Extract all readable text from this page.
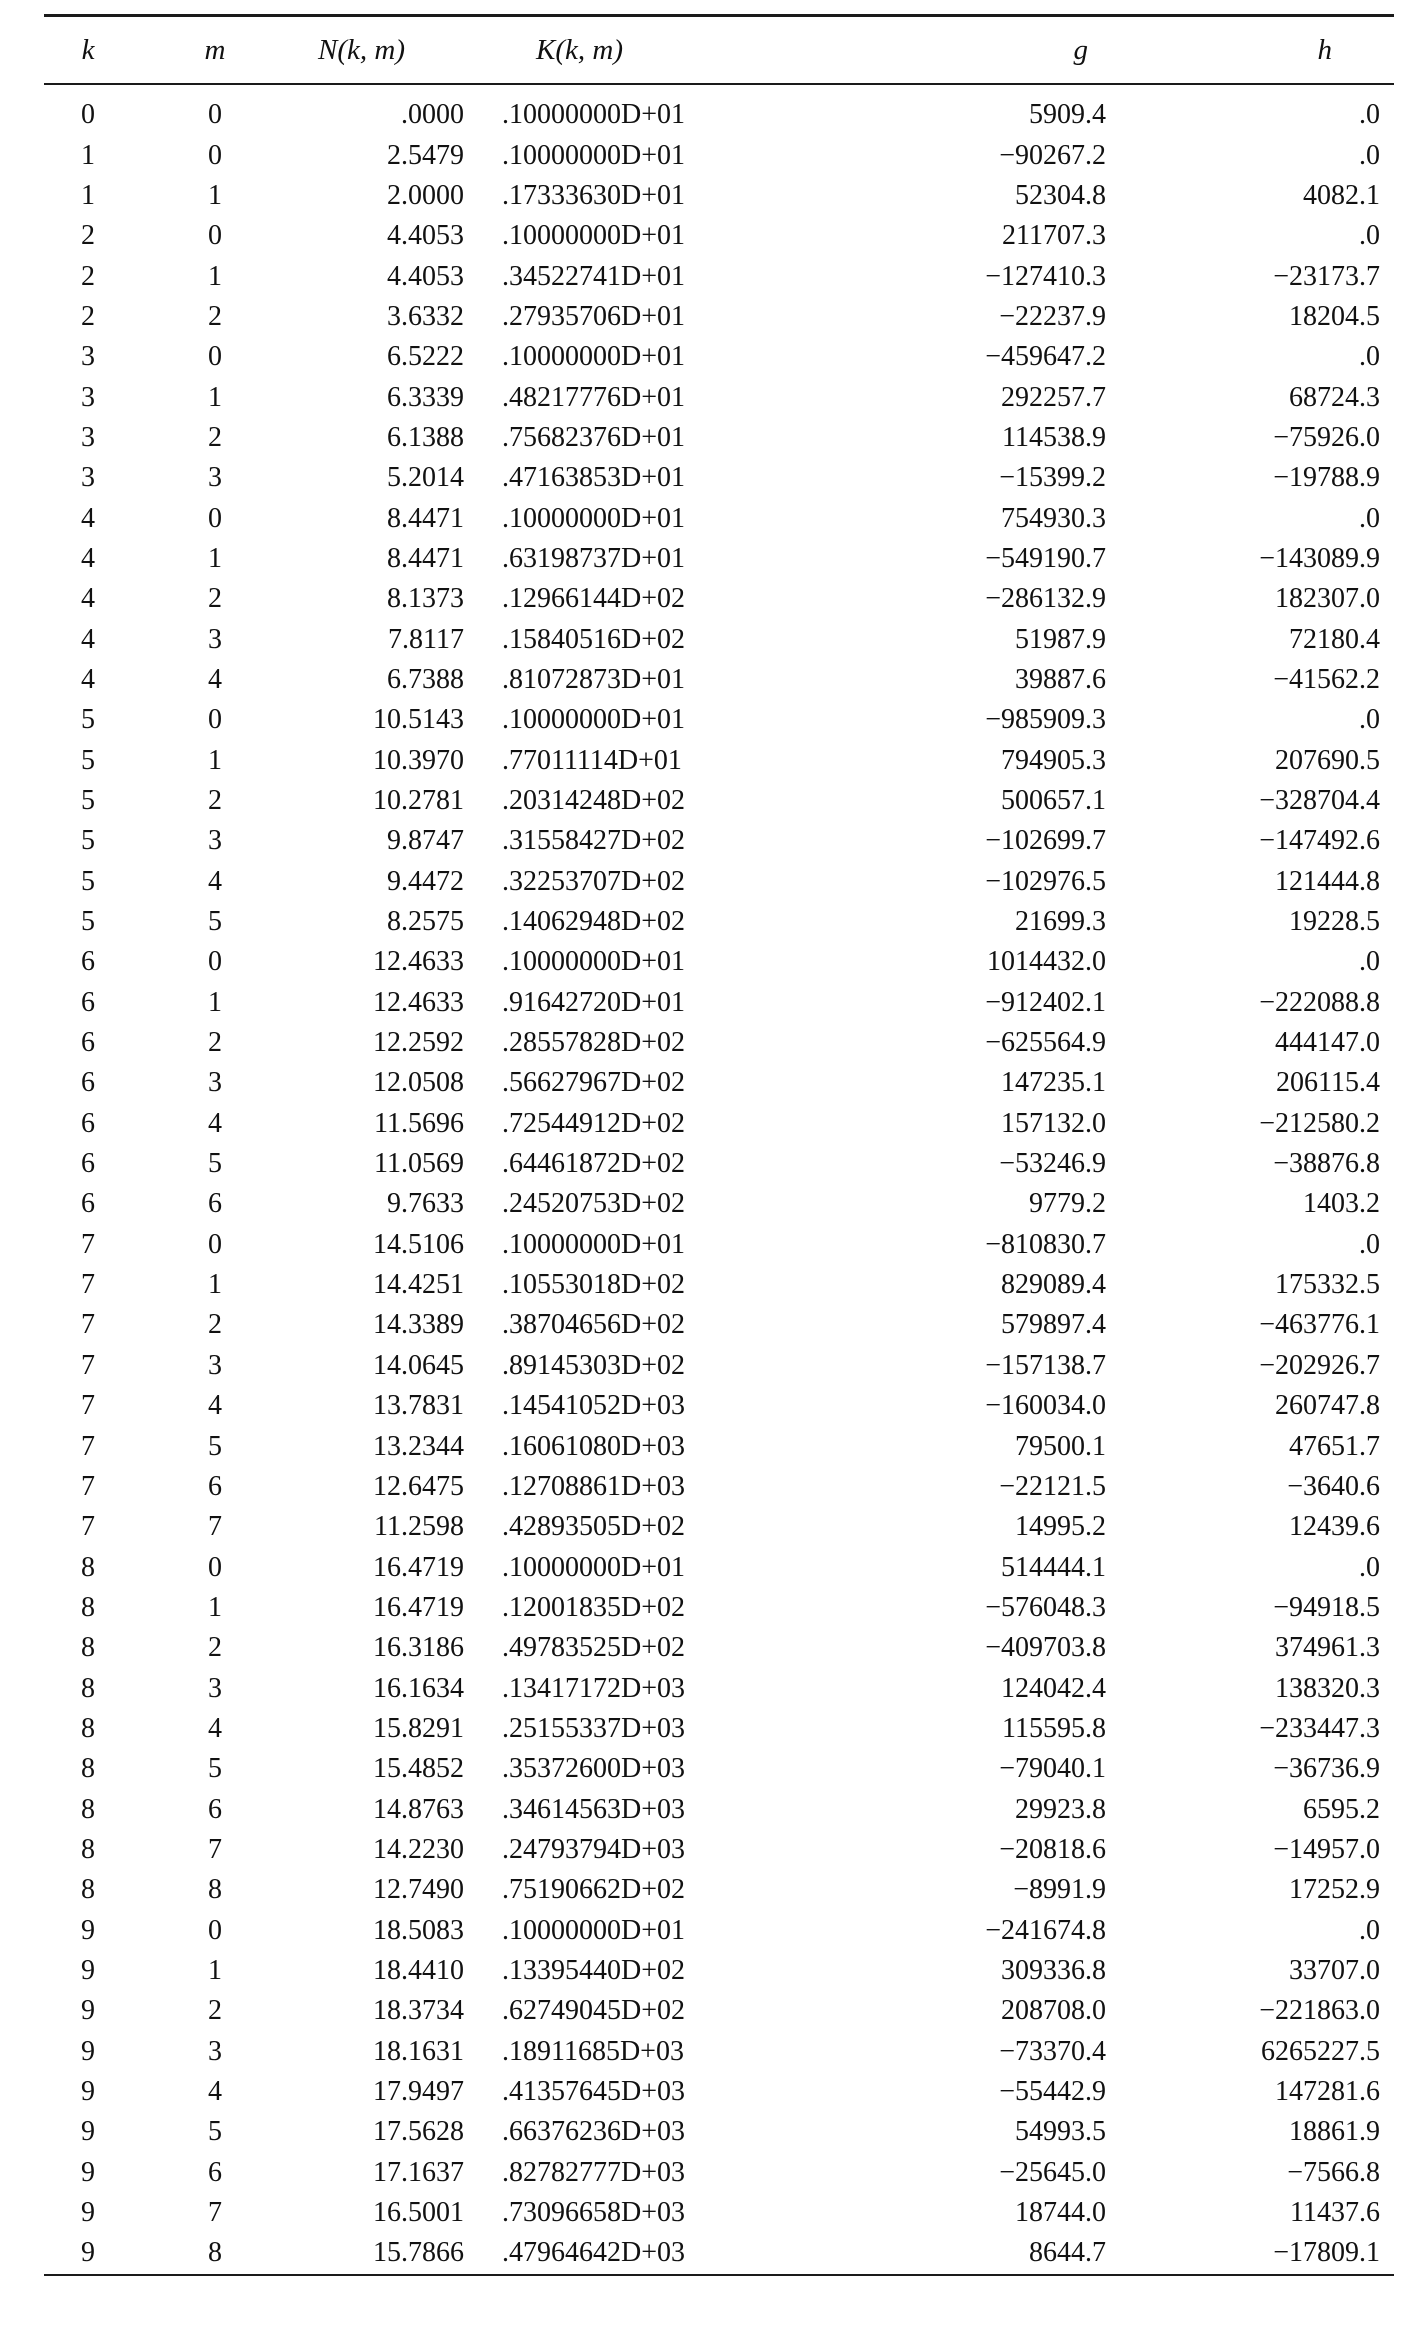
k	m	N(k, m)	K(k, m)	g	h
0	0	.0000	.10000000D+01	5909.4	.0
1	0	2.5479	.10000000D+01	−90267.2	.0
1	1	2.0000	.17333630D+01	52304.8	4082.1
2	0	4.4053	.10000000D+01	211707.3	.0
2	1	4.4053	.34522741D+01	−127410.3	−23173.7
2	2	3.6332	.27935706D+01	−22237.9	18204.5
3	0	6.5222	.10000000D+01	−459647.2	.0
3	1	6.3339	.48217776D+01	292257.7	68724.3
3	2	6.1388	.75682376D+01	114538.9	−75926.0
3	3	5.2014	.47163853D+01	−15399.2	−19788.9
4	0	8.4471	.10000000D+01	754930.3	.0
4	1	8.4471	.63198737D+01	−549190.7	−143089.9
4	2	8.1373	.12966144D+02	−286132.9	182307.0
4	3	7.8117	.15840516D+02	51987.9	72180.4
4	4	6.7388	.81072873D+01	39887.6	−41562.2
5	0	10.5143	.10000000D+01	−985909.3	.0
5	1	10.3970	.77011114D+01	794905.3	207690.5
5	2	10.2781	.20314248D+02	500657.1	−328704.4
5	3	9.8747	.31558427D+02	−102699.7	−147492.6
5	4	9.4472	.32253707D+02	−102976.5	121444.8
5	5	8.2575	.14062948D+02	21699.3	19228.5
6	0	12.4633	.10000000D+01	1014432.0	.0
6	1	12.4633	.91642720D+01	−912402.1	−222088.8
6	2	12.2592	.28557828D+02	−625564.9	444147.0
6	3	12.0508	.56627967D+02	147235.1	206115.4
6	4	11.5696	.72544912D+02	157132.0	−212580.2
6	5	11.0569	.64461872D+02	−53246.9	−38876.8
6	6	9.7633	.24520753D+02	9779.2	1403.2
7	0	14.5106	.10000000D+01	−810830.7	.0
7	1	14.4251	.10553018D+02	829089.4	175332.5
7	2	14.3389	.38704656D+02	579897.4	−463776.1
7	3	14.0645	.89145303D+02	−157138.7	−202926.7
7	4	13.7831	.14541052D+03	−160034.0	260747.8
7	5	13.2344	.16061080D+03	79500.1	47651.7
7	6	12.6475	.12708861D+03	−22121.5	−3640.6
7	7	11.2598	.42893505D+02	14995.2	12439.6
8	0	16.4719	.10000000D+01	514444.1	.0
8	1	16.4719	.12001835D+02	−576048.3	−94918.5
8	2	16.3186	.49783525D+02	−409703.8	374961.3
8	3	16.1634	.13417172D+03	124042.4	138320.3
8	4	15.8291	.25155337D+03	115595.8	−233447.3
8	5	15.4852	.35372600D+03	−79040.1	−36736.9
8	6	14.8763	.34614563D+03	29923.8	6595.2
8	7	14.2230	.24793794D+03	−20818.6	−14957.0
8	8	12.7490	.75190662D+02	−8991.9	17252.9
9	0	18.5083	.10000000D+01	−241674.8	.0
9	1	18.4410	.13395440D+02	309336.8	33707.0
9	2	18.3734	.62749045D+02	208708.0	−221863.0
9	3	18.1631	.18911685D+03	−73370.4	6265227.5
9	4	17.9497	.41357645D+03	−55442.9	147281.6
9	5	17.5628	.66376236D+03	54993.5	18861.9
9	6	17.1637	.82782777D+03	−25645.0	−7566.8
9	7	16.5001	.73096658D+03	18744.0	11437.6
9	8	15.7866	.47964642D+03	8644.7	−17809.1
